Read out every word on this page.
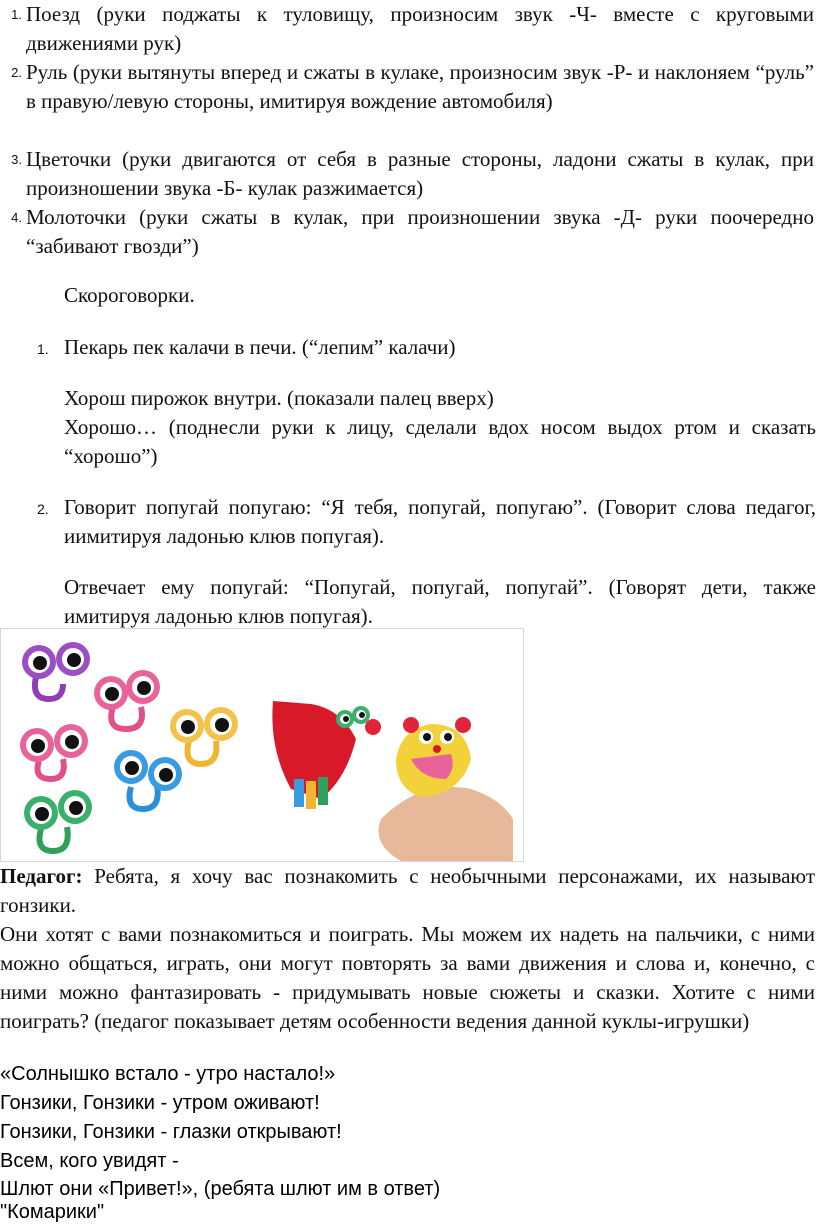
1. Поезд (руки поджаты к туловищу, произносим звук -Ч- вместе с круговыми движениями рук)
2. Руль (руки вытянуты вперед и сжаты в кулаке, произносим звук -Р- и наклоняем “руль” в правую/левую стороны, имитируя вождение автомобиля)
3. Цветочки (руки двигаются от себя в разные стороны, ладони сжаты в кулак, при произношении звука -Б- кулак разжимается)
4. Молоточки (руки сжаты в кулак, при произношении звука -Д- руки поочередно “забивают гвозди”)
Скороговорки.
1. Пекарь пек калачи в печи. (“лепим” калачи)
Хорош пирожок внутри. (показали палец вверх)
Хорошо… (поднесли руки к лицу, сделали вдох носом выдох ртом и сказать “хорошо”)
2. Говорит попугай попугаю: “Я тебя, попугай, попугаю”. (Говорит слова педагог, иимитируя ладонью клюв попугая).
Отвечает ему попугай: “Попугай, попугай, попугай”. (Говорят дети, также имитируя ладонью клюв попугая).
Педагог: Ребята, я хочу вас познакомить с необычными персонажами, их называют гонзики.
Они хотят с вами познакомиться и поиграть. Мы можем их надеть на пальчики, с ними можно общаться, играть, они могут повторять за вами движения и слова и, конечно, с ними можно фантазировать - придумывать новые сюжеты и сказки. Хотите с ними поиграть? (педагог показывает детям особенности ведения данной куклы-игрушки)
«Солнышко встало - утро настало!»
Гонзики, Гонзики - утром оживают!
Гонзики, Гонзики - глазки открывают!
Всем, кого увидят -
Шлют они «Привет!», (ребята шлют им в ответ)
"Комарики"
